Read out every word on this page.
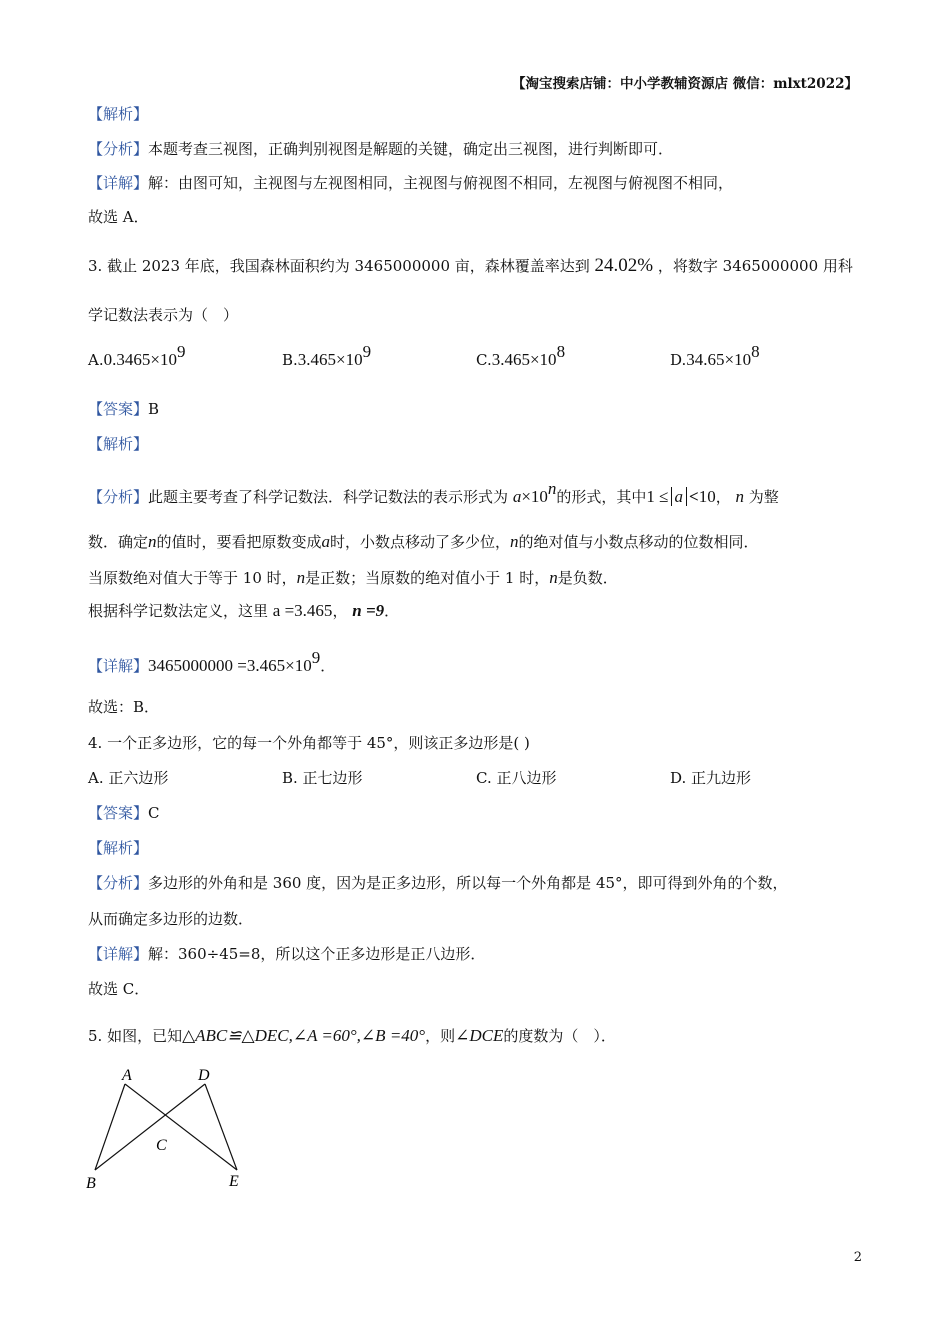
【淘宝搜索店铺：中小学教辅资源店 微信：mlxt2022】
【解析】
【分析】本题考查三视图，正确判别视图是解题的关键，确定出三视图，进行判断即可．
【详解】解：由图可知，主视图与左视图相同，主视图与俯视图不相同，左视图与俯视图不相同，
故选 A．
3. 截止 2023 年底，我国森林面积约为 3465000000 亩，森林覆盖率达到 24.02% ，将数字 3465000000 用科
学记数法表示为（　）
$A.0.3465\times 10^9$	$B.3.465\times 10^9$	$C.3.465\times 10^8$	$D.34.65\times 10^8$
【答案】B
【解析】
【分析】此题主要考查了科学记数法．科学记数法的表示形式为 $a\times 10^n$的形式，其中1 ≤ a <10， n 为整
数．确定n的值时，要看把原数变成a时，小数点移动了多少位，n的绝对值与小数点移动的位数相同．
当原数绝对值大于等于 10 时，n是正数；当原数的绝对值小于 1 时，n是负数．
根据科学记数法定义，这里 a =3.465， n =9．
【详解】$3465000000 =3.465\times 10^9$．
故选：B．
4. 一个正多边形，它的每一个外角都等于 45°，则该正多边形是( )
A. 正六边形	B. 正七边形	C. 正八边形	D. 正九边形
【答案】C
【解析】
【分析】多边形的外角和是 360 度，因为是正多边形，所以每一个外角都是 45°，即可得到外角的个数，
从而确定多边形的边数．
【详解】解：360÷45=8，所以这个正多边形是正八边形．
故选 C．
5. 如图，已知△ABC≌△DEC,∠A =60°,∠B =40°，则∠DCE的度数为（　）．
A	D
C
B	E
2
